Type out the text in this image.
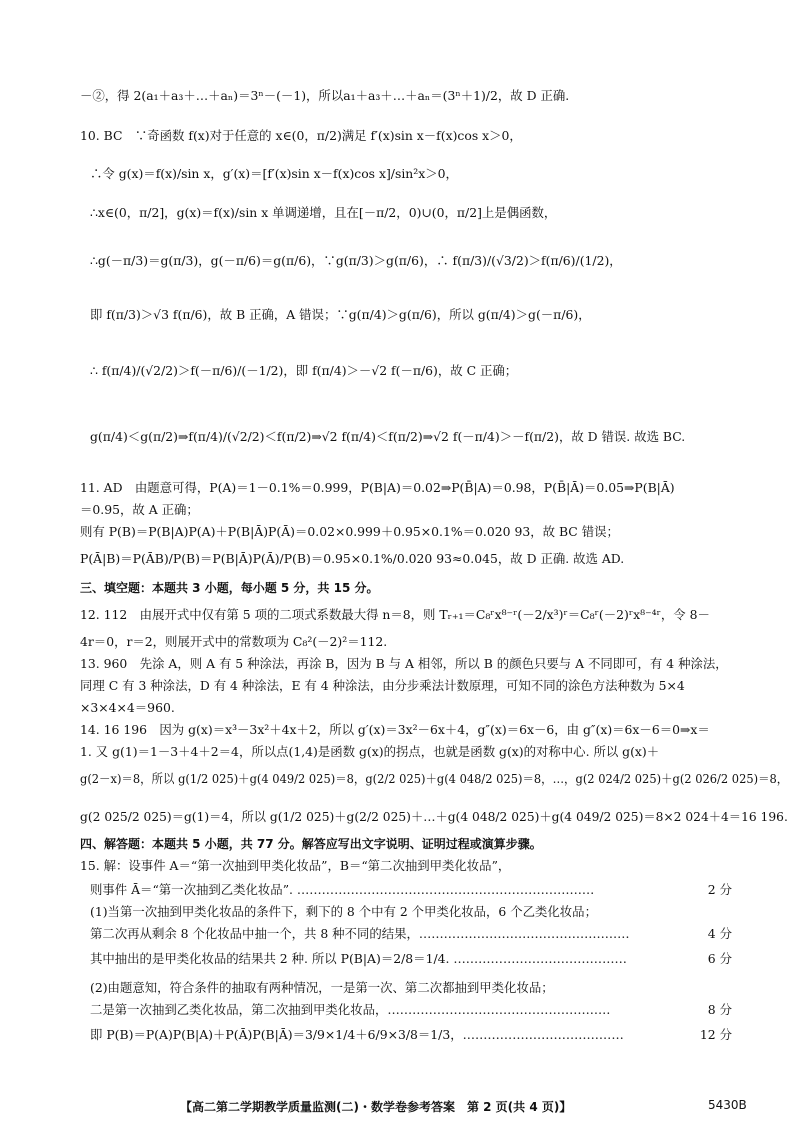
－②，得 2(a₁＋a₃＋…＋aₙ)＝3ⁿ－(－1)，所以a₁＋a₃＋…＋aₙ＝(3ⁿ＋1)/2，故 D 正确.
10. BC　∵奇函数 f(x)对于任意的 x∈(0，π/2)满足 f′(x)sin x－f(x)cos x＞0，
∴令 g(x)＝f(x)/sin x，g′(x)＝[f′(x)sin x－f(x)cos x]/sin²x＞0，
∴x∈(0，π/2]，g(x)＝f(x)/sin x 单调递增，且在[－π/2，0)∪(0，π/2]上是偶函数，
∴g(－π/3)＝g(π/3)，g(－π/6)＝g(π/6)，∵g(π/3)＞g(π/6)，∴ f(π/3)/(√3/2)＞f(π/6)/(1/2)，
即 f(π/3)＞√3 f(π/6)，故 B 正确，A 错误；∵g(π/4)＞g(π/6)，所以 g(π/4)＞g(－π/6)，
∴ f(π/4)/(√2/2)＞f(－π/6)/(－1/2)，即 f(π/4)＞－√2 f(－π/6)，故 C 正确；
g(π/4)＜g(π/2)⇒f(π/4)/(√2/2)＜f(π/2)⇒√2 f(π/4)＜f(π/2)⇒√2 f(－π/4)＞－f(π/2)，故 D 错误. 故选 BC.
11. AD　由题意可得，P(A)＝1－0.1%＝0.999，P(B|A)＝0.02⇒P(B̄|A)＝0.98，P(B̄|Ā)＝0.05⇒P(B|Ā)
＝0.95，故 A 正确；
则有 P(B)＝P(B|A)P(A)＋P(B|Ā)P(Ā)＝0.02×0.999＋0.95×0.1%＝0.020 93，故 BC 错误；
P(Ā|B)＝P(ĀB)/P(B)＝P(B|Ā)P(Ā)/P(B)＝0.95×0.1%/0.020 93≈0.045，故 D 正确. 故选 AD.
三、填空题：本题共 3 小题，每小题 5 分，共 15 分。
12. 112　由展开式中仅有第 5 项的二项式系数最大得 n＝8，则 Tᵣ₊₁＝C₈ʳx⁸⁻ʳ(－2/x³)ʳ＝C₈ʳ(－2)ʳx⁸⁻⁴ʳ，令 8－
4r＝0，r＝2，则展开式中的常数项为 C₈²(－2)²＝112.
13. 960　先涂 A，则 A 有 5 种涂法，再涂 B，因为 B 与 A 相邻，所以 B 的颜色只要与 A 不同即可，有 4 种涂法，
同理 C 有 3 种涂法，D 有 4 种涂法，E 有 4 种涂法，由分步乘法计数原理，可知不同的涂色方法种数为 5×4
×3×4×4＝960.
14. 16 196　因为 g(x)＝x³－3x²＋4x＋2，所以 g′(x)＝3x²－6x＋4，g″(x)＝6x－6，由 g″(x)＝6x－6＝0⇒x＝
1. 又 g(1)＝1－3＋4＋2＝4，所以点(1,4)是函数 g(x)的拐点，也就是函数 g(x)的对称中心. 所以 g(x)＋
g(2－x)＝8，所以 g(1/2 025)＋g(4 049/2 025)＝8，g(2/2 025)＋g(4 048/2 025)＝8，…，g(2 024/2 025)＋g(2 026/2 025)＝8，
g(2 025/2 025)＝g(1)＝4，所以 g(1/2 025)＋g(2/2 025)＋…＋g(4 048/2 025)＋g(4 049/2 025)＝8×2 024＋4＝16 196.
四、解答题：本题共 5 小题，共 77 分。解答应写出文字说明、证明过程或演算步骤。
15. 解：设事件 A＝“第一次抽到甲类化妆品”，B＝“第二次抽到甲类化妆品”，
则事件 Ā＝“第一次抽到乙类化妆品”. ………………………………………………………………	2 分
(1)当第一次抽到甲类化妆品的条件下，剩下的 8 个中有 2 个甲类化妆品，6 个乙类化妆品；
第二次再从剩余 8 个化妆品中抽一个，共 8 种不同的结果，……………………………………………	4 分
其中抽出的是甲类化妆品的结果共 2 种. 所以 P(B|A)＝2/8＝1/4. ……………………………………	6 分
(2)由题意知，符合条件的抽取有两种情况，一是第一次、第二次都抽到甲类化妆品；
二是第一次抽到乙类化妆品，第二次抽到甲类化妆品，………………………………………………	8 分
即 P(B)＝P(A)P(B|A)＋P(Ā)P(B|Ā)＝3/9×1/4＋6/9×3/8＝1/3，…………………………………	12 分
【高二第二学期教学质量监测(二)・数学卷参考答案　第 2 页(共 4 页)】	5430B
